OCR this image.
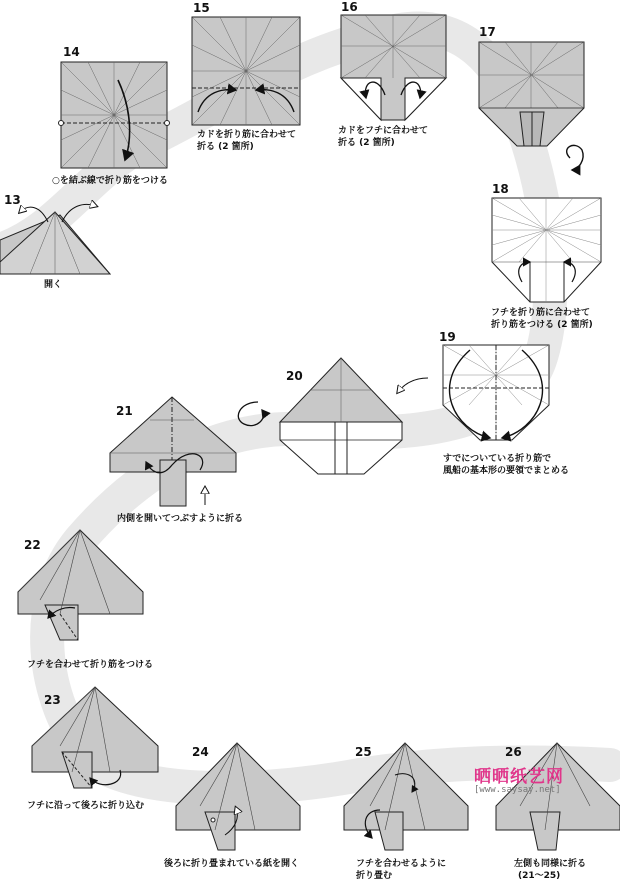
13
14
15	16
17
18
19
20
21
22
23
24	25	26
開く
○を結ぶ線で折り筋をつける
カドを折り筋に合わせて
折る (2 箇所)
カドをフチに合わせて
折る (2 箇所)
フチを折り筋に合わせて
折り筋をつける (2 箇所)
すでについている折り筋で
風船の基本形の要領でまとめる
内側を開いてつぶすように折る
フチを合わせて折り筋をつける
フチに沿って後ろに折り込む
後ろに折り畳まれている紙を開く	フチを合わせるように
折り畳む
左側も同様に折る
(21〜25)
晒晒纸艺网
[www.saysay.net]
